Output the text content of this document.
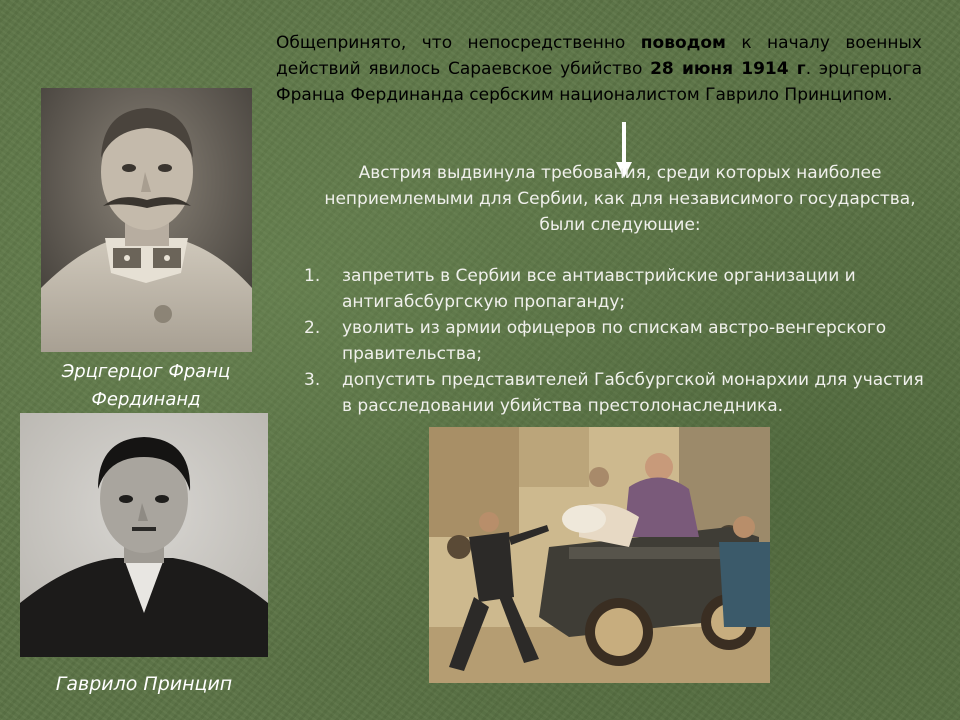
Общепринято, что непосредственно поводом к началу военных действий явилось Сараевское убийство 28 июня 1914 г. эрцгерцога Франца Фердинанда сербским националистом Гаврило Принципом.
Австрия выдвинула требования, среди которых наиболее неприемлемыми для Сербии, как для независимого государства, были следующие:
1. запретить в Сербии все антиавстрийские организации и антигабсбургскую пропаганду;
2. уволить из армии офицеров по спискам австро-венгерского правительства;
3. допустить представителей Габсбургской монархии для участия в расследовании убийства престолонаследника.
Эрцгерцог Франц Фердинанд
Гаврило Принцип
